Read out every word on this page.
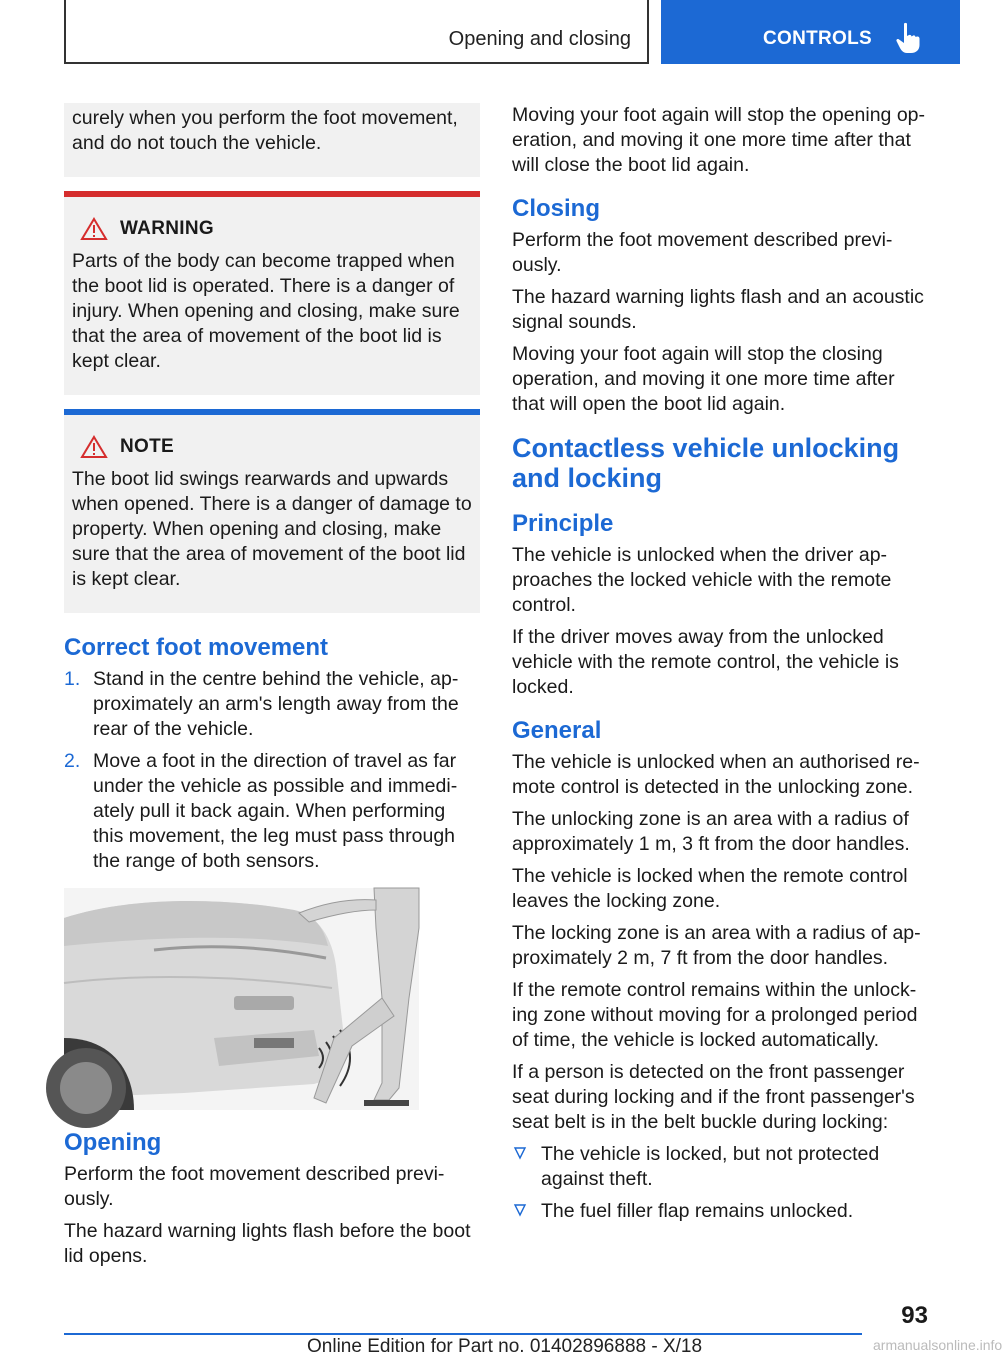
Opening and closing	CONTROLS

curely when you perform the foot movement, and do not touch the vehicle.

WARNING

Parts of the body can become trapped when the boot lid is operated. There is a danger of injury. When opening and closing, make sure that the area of movement of the boot lid is kept clear.

NOTE

The boot lid swings rearwards and upwards when opened. There is a danger of damage to property. When opening and closing, make sure that the area of movement of the boot lid is kept clear.

Correct foot movement
1. Stand in the centre behind the vehicle, approximately an arm's length away from the rear of the vehicle.
2. Move a foot in the direction of travel as far under the vehicle as possible and immediately pull it back again. When performing this movement, the leg must pass through the range of both sensors.
Opening

Perform the foot movement described previously.

The hazard warning lights flash before the boot lid opens.

Moving your foot again will stop the opening operation, and moving it one more time after that will close the boot lid again.

Closing

Perform the foot movement described previously.

The hazard warning lights flash and an acoustic signal sounds.

Moving your foot again will stop the closing operation, and moving it one more time after that will open the boot lid again.

Contactless vehicle unlocking and locking
Principle

The vehicle is unlocked when the driver approaches the locked vehicle with the remote control.

If the driver moves away from the unlocked vehicle with the remote control, the vehicle is locked.

General

The vehicle is unlocked when an authorised remote control is detected in the unlocking zone.

The unlocking zone is an area with a radius of approximately 1 m, 3 ft from the door handles.

The vehicle is locked when the remote control leaves the locking zone.

The locking zone is an area with a radius of approximately 2 m, 7 ft from the door handles.

If the remote control remains within the unlocking zone without moving for a prolonged period of time, the vehicle is locked automatically.

If a person is detected on the front passenger seat during locking and if the front passenger's seat belt is in the belt buckle during locking:

The vehicle is locked, but not protected against theft.
The fuel filler flap remains unlocked.
93
Online Edition for Part no. 01402896888 - X/18	armanualsonline.info
